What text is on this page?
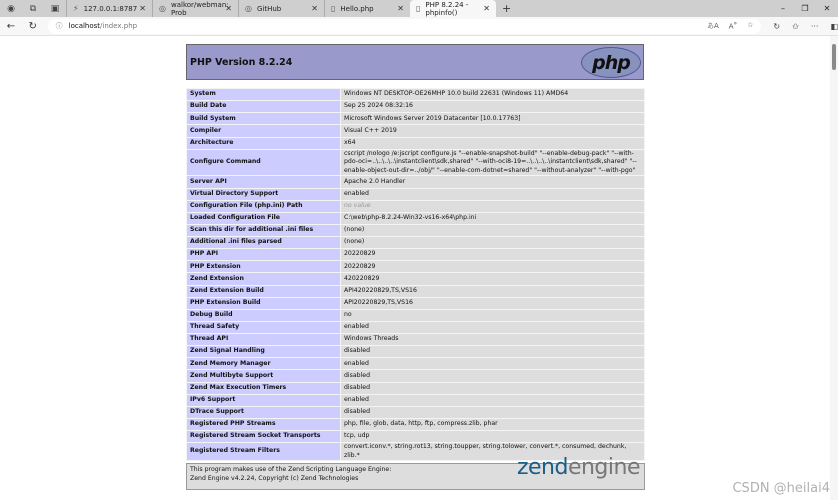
◉	⧉	▣	⚡ 127.0.0.1:8787 ✕ ◎ walkor/webman: Prob	✕ ◎ GitHub	✕ ▯ Hello.php	✕ ▯ PHP 8.2.24 - phpinfo()	✕ +	–	❐	✕
←	↻	ⓘ localhost /index.php	あA A» ☆	↻ ✩ ··· ◧
PHP Version 8.2.24	php
System	Windows NT DESKTOP-OE26MHP 10.0 build 22631 (Windows 11) AMD64
Build Date	Sep 25 2024 08:32:16
Build System	Microsoft Windows Server 2019 Datacenter [10.0.17763]
Compiler	Visual C++ 2019
Architecture	x64
Configure Command	cscript /nologo /e:jscript configure.js "--enable-snapshot-build" "--enable-debug-pack" "--with-pdo-oci=..\..\..\..\instantclient\sdk,shared" "--with-oci8-19=..\..\..\..\instantclient\sdk,shared" "--enable-object-out-dir=../obj/" "--enable-com-dotnet=shared" "--without-analyzer" "--with-pgo"
Server API	Apache 2.0 Handler
Virtual Directory Support	enabled
Configuration File (php.ini) Path	no value
Loaded Configuration File	C:\web\php-8.2.24-Win32-vs16-x64\php.ini
Scan this dir for additional .ini files	(none)
Additional .ini files parsed	(none)
PHP API	20220829
PHP Extension	20220829
Zend Extension	420220829
Zend Extension Build	API420220829,TS,VS16
PHP Extension Build	API20220829,TS,VS16
Debug Build	no
Thread Safety	enabled
Thread API	Windows Threads
Zend Signal Handling	disabled
Zend Memory Manager	enabled
Zend Multibyte Support	disabled
Zend Max Execution Timers	disabled
IPv6 Support	enabled
DTrace Support	disabled
Registered PHP Streams	php, file, glob, data, http, ftp, compress.zlib, phar
Registered Stream Socket Transports	tcp, udp
Registered Stream Filters	convert.iconv.*, string.rot13, string.toupper, string.tolower, convert.*, consumed, dechunk, zlib.*
This program makes use of the Zend Scripting Language Engine:
Zend Engine v4.2.24, Copyright (c) Zend Technologies	zendengine
CSDN @heilai4
